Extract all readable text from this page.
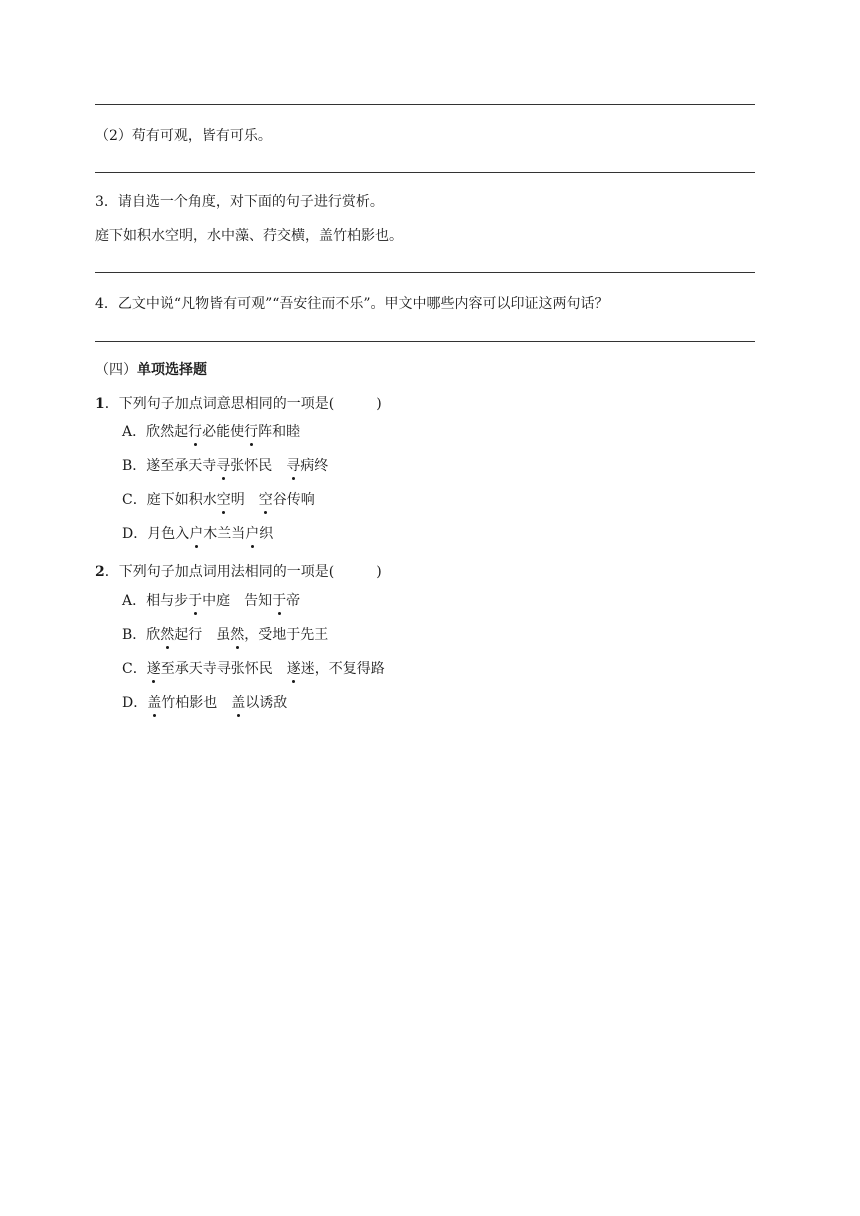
（2）苟有可观，皆有可乐。
3．请自选一个角度，对下面的句子进行赏析。
庭下如积水空明，水中藻、荇交横，盖竹柏影也。
4．乙文中说“凡物皆有可观”“吾安往而不乐”。甲文中哪些内容可以印证这两句话？
（四）单项选择题
1．下列句子加点词意思相同的一项是(　　　)
A．欣然起行必能使行阵和睦
B．遂至承天寺寻张怀民 寻病终
C．庭下如积水空明 空谷传响
D．月色入户木兰当户织
2．下列句子加点词用法相同的一项是(　　　)
A．相与步于中庭 告知于帝
B．欣然起行 虽然，受地于先王
C．遂至承天寺寻张怀民 遂迷，不复得路
D．盖竹柏影也 盖以诱敌
